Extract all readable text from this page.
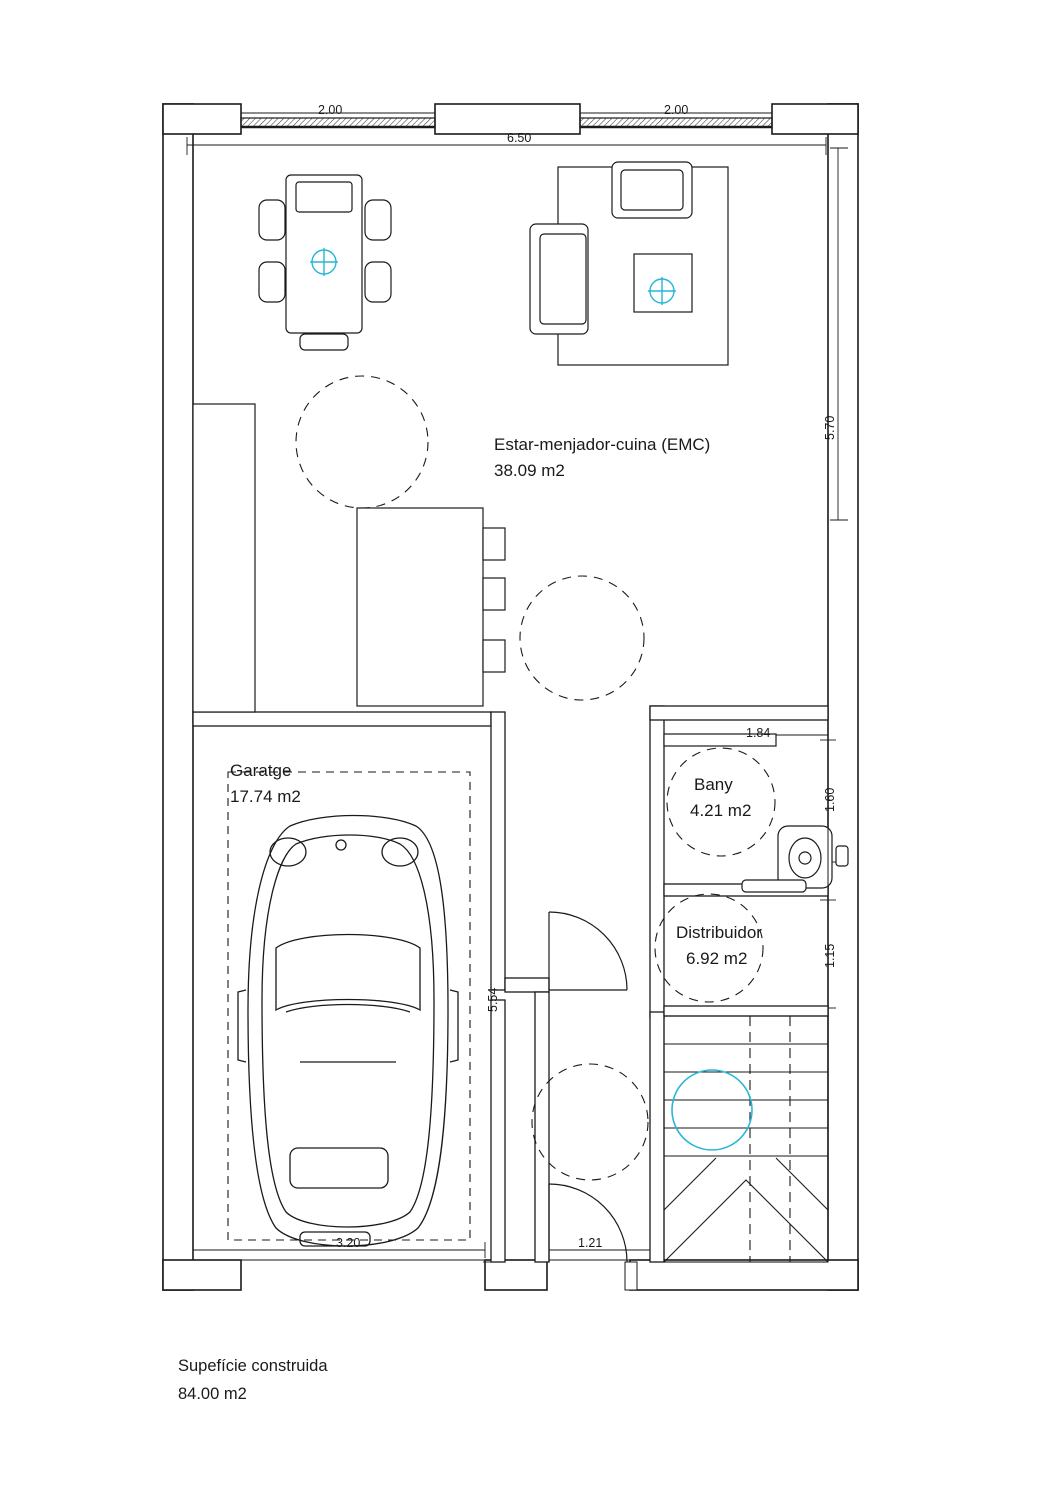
Estar-menjador-cuina (EMC)
38.09 m2
Garatge
17.74 m2
Bany
4.21 m2
Distribuidor
6.92 m2
2.00	2.00
6.50
1.84
3.20	1.21
5.70
1.60
1.15
5.54
Supefície construida
84.00 m2
